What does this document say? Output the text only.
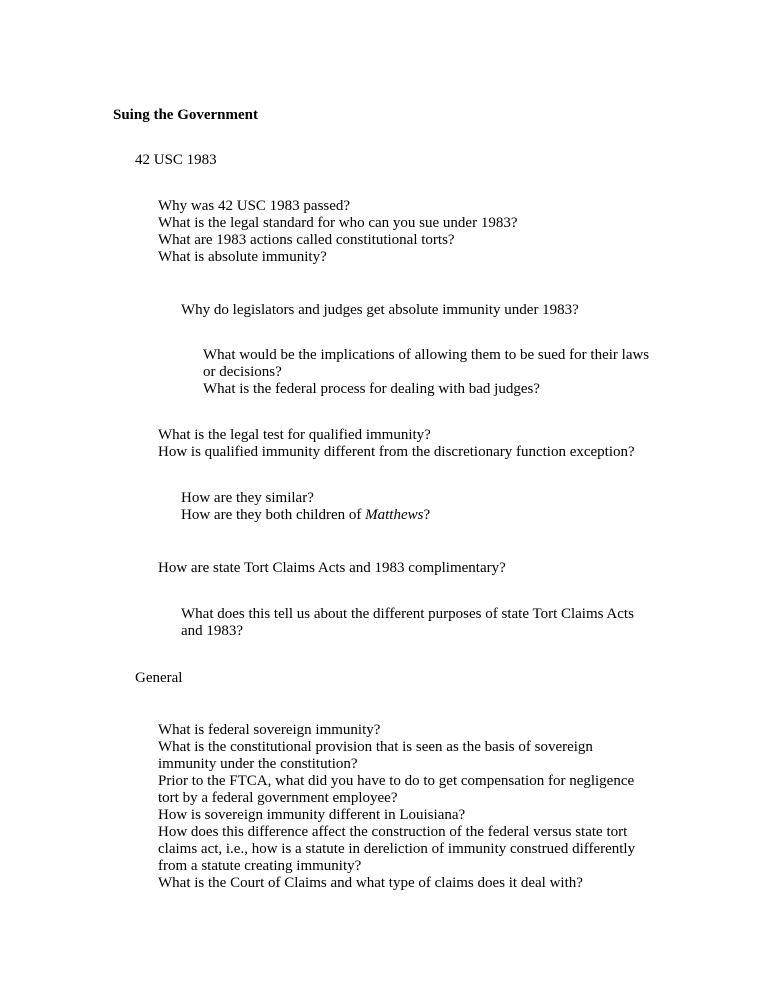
Suing the Government
42 USC 1983
Why was 42 USC 1983 passed?
What is the legal standard for who can you sue under 1983?
What are 1983 actions called constitutional torts?
What is absolute immunity?
Why do legislators and judges get absolute immunity under 1983?
What would be the implications of allowing them to be sued for their laws
or decisions?
What is the federal process for dealing with bad judges?
What is the legal test for qualified immunity?
How is qualified immunity different from the discretionary function exception?
How are they similar?
How are they both children of Matthews?
How are state Tort Claims Acts and 1983 complimentary?
What does this tell us about the different purposes of state Tort Claims Acts
and 1983?
General
What is federal sovereign immunity?
What is the constitutional provision that is seen as the basis of sovereign
immunity under the constitution?
Prior to the FTCA, what did you have to do to get compensation for negligence
tort by a federal government employee?
How is sovereign immunity different in Louisiana?
How does this difference affect the construction of the federal versus state tort
claims act, i.e., how is a statute in dereliction of immunity construed differently
from a statute creating immunity?
What is the Court of Claims and what type of claims does it deal with?
